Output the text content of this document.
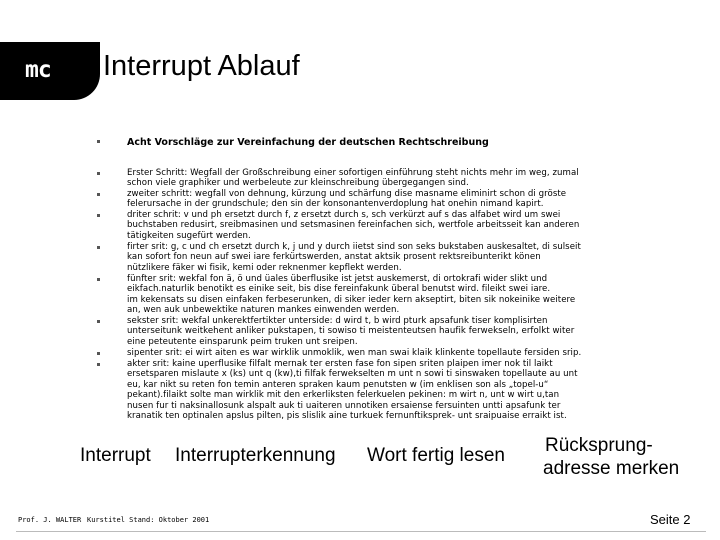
mc Interrupt Ablauf
Acht Vorschläge zur Vereinfachung der deutschen Rechtschreibung
Erster Schritt: Wegfall der Großschreibung einer sofortigen einführung steht nichts mehr im weg, zumal
schon viele graphiker und werbeleute zur kleinschreibung übergegangen sind.
zweiter schritt: wegfall von dehnung, kürzung und schärfung dise masname eliminirt schon di gröste
felerursache in der grundschule; den sin der konsonantenverdoplung hat onehin nimand kapirt.
driter schrit: v und ph ersetzt durch f, z ersetzt durch s, sch verkürzt auf s das alfabet wird um swei
buchstaben redusirt, sreibmasinen und setsmasinen fereinfachen sich, wertfole arbeitsseit kan anderen
tätigkeiten sugefürt werden.
firter srit: g, c und ch ersetzt durch k, j und y durch iietst sind son seks bukstaben auskesaltet, di sulseit
kan sofort fon neun auf swei iare ferkürtswerden, anstat aktsik prosent rektsreibunterikt könen
nützlikere fäker wi fisik, kemi oder reknenmer kepflekt werden.
fünfter srit: wekfal fon ä, ö und üales überflusike ist jetst auskemerst, di ortokrafi wider slikt und
eikfach.naturlik benotikt es einike seit, bis dise fereinfakunk überal benutst wird. fileikt swei iare.
im kekensats su disen einfaken ferbeserunken, di siker ieder kern akseptirt, biten sik nokeinike weitere
an, wen auk unbewektike naturen mankes einwenden werden.
sekster srit: wekfal unkerektfertikter unterside: d wird t, b wird pturk apsafunk tiser komplisirten
unterseitunk weitkehent anliker pukstapen, ti sowiso ti meistenteutsen haufik ferwekseln, erfolkt witer
eine peteutente einsparunk peim truken unt sreipen.
sipenter srit: ei wirt aiten es war wirklik unmoklik, wen man swai klaik klinkente topellaute fersiden srip.
akter srit: kaine uperflusike filfalt mernak ter ersten fase fon sipen sriten plaipen imer nok til laikt
ersetsparen mislaute x (ks) unt q (kw),ti filfak ferwekselten m unt n sowi ti sinswaken topellaute au unt
eu, kar nikt su reten fon temin anteren spraken kaum penutsten w (im enklisen son als „topel-u“
pekant).filaikt solte man wirklik mit den erkerliksten felerkuelen pekinen: m wirt n, unt w wirt u,tan
nusen fur ti naksinallosunk alspalt auk ti uaiteren unnotiken ersaiense fersuinten untti apsafunk ter
kranatik ten optinalen apslus pilten, pis slislik aine turkuek fernunftiksprek- unt sraipuaise erraikt ist.
Interrupt Interrupterkennung Wort fertig lesen Rücksprung-
adresse merken
Prof. J. WALTER Kurstitel Stand: Oktober 2001	Seite 2
